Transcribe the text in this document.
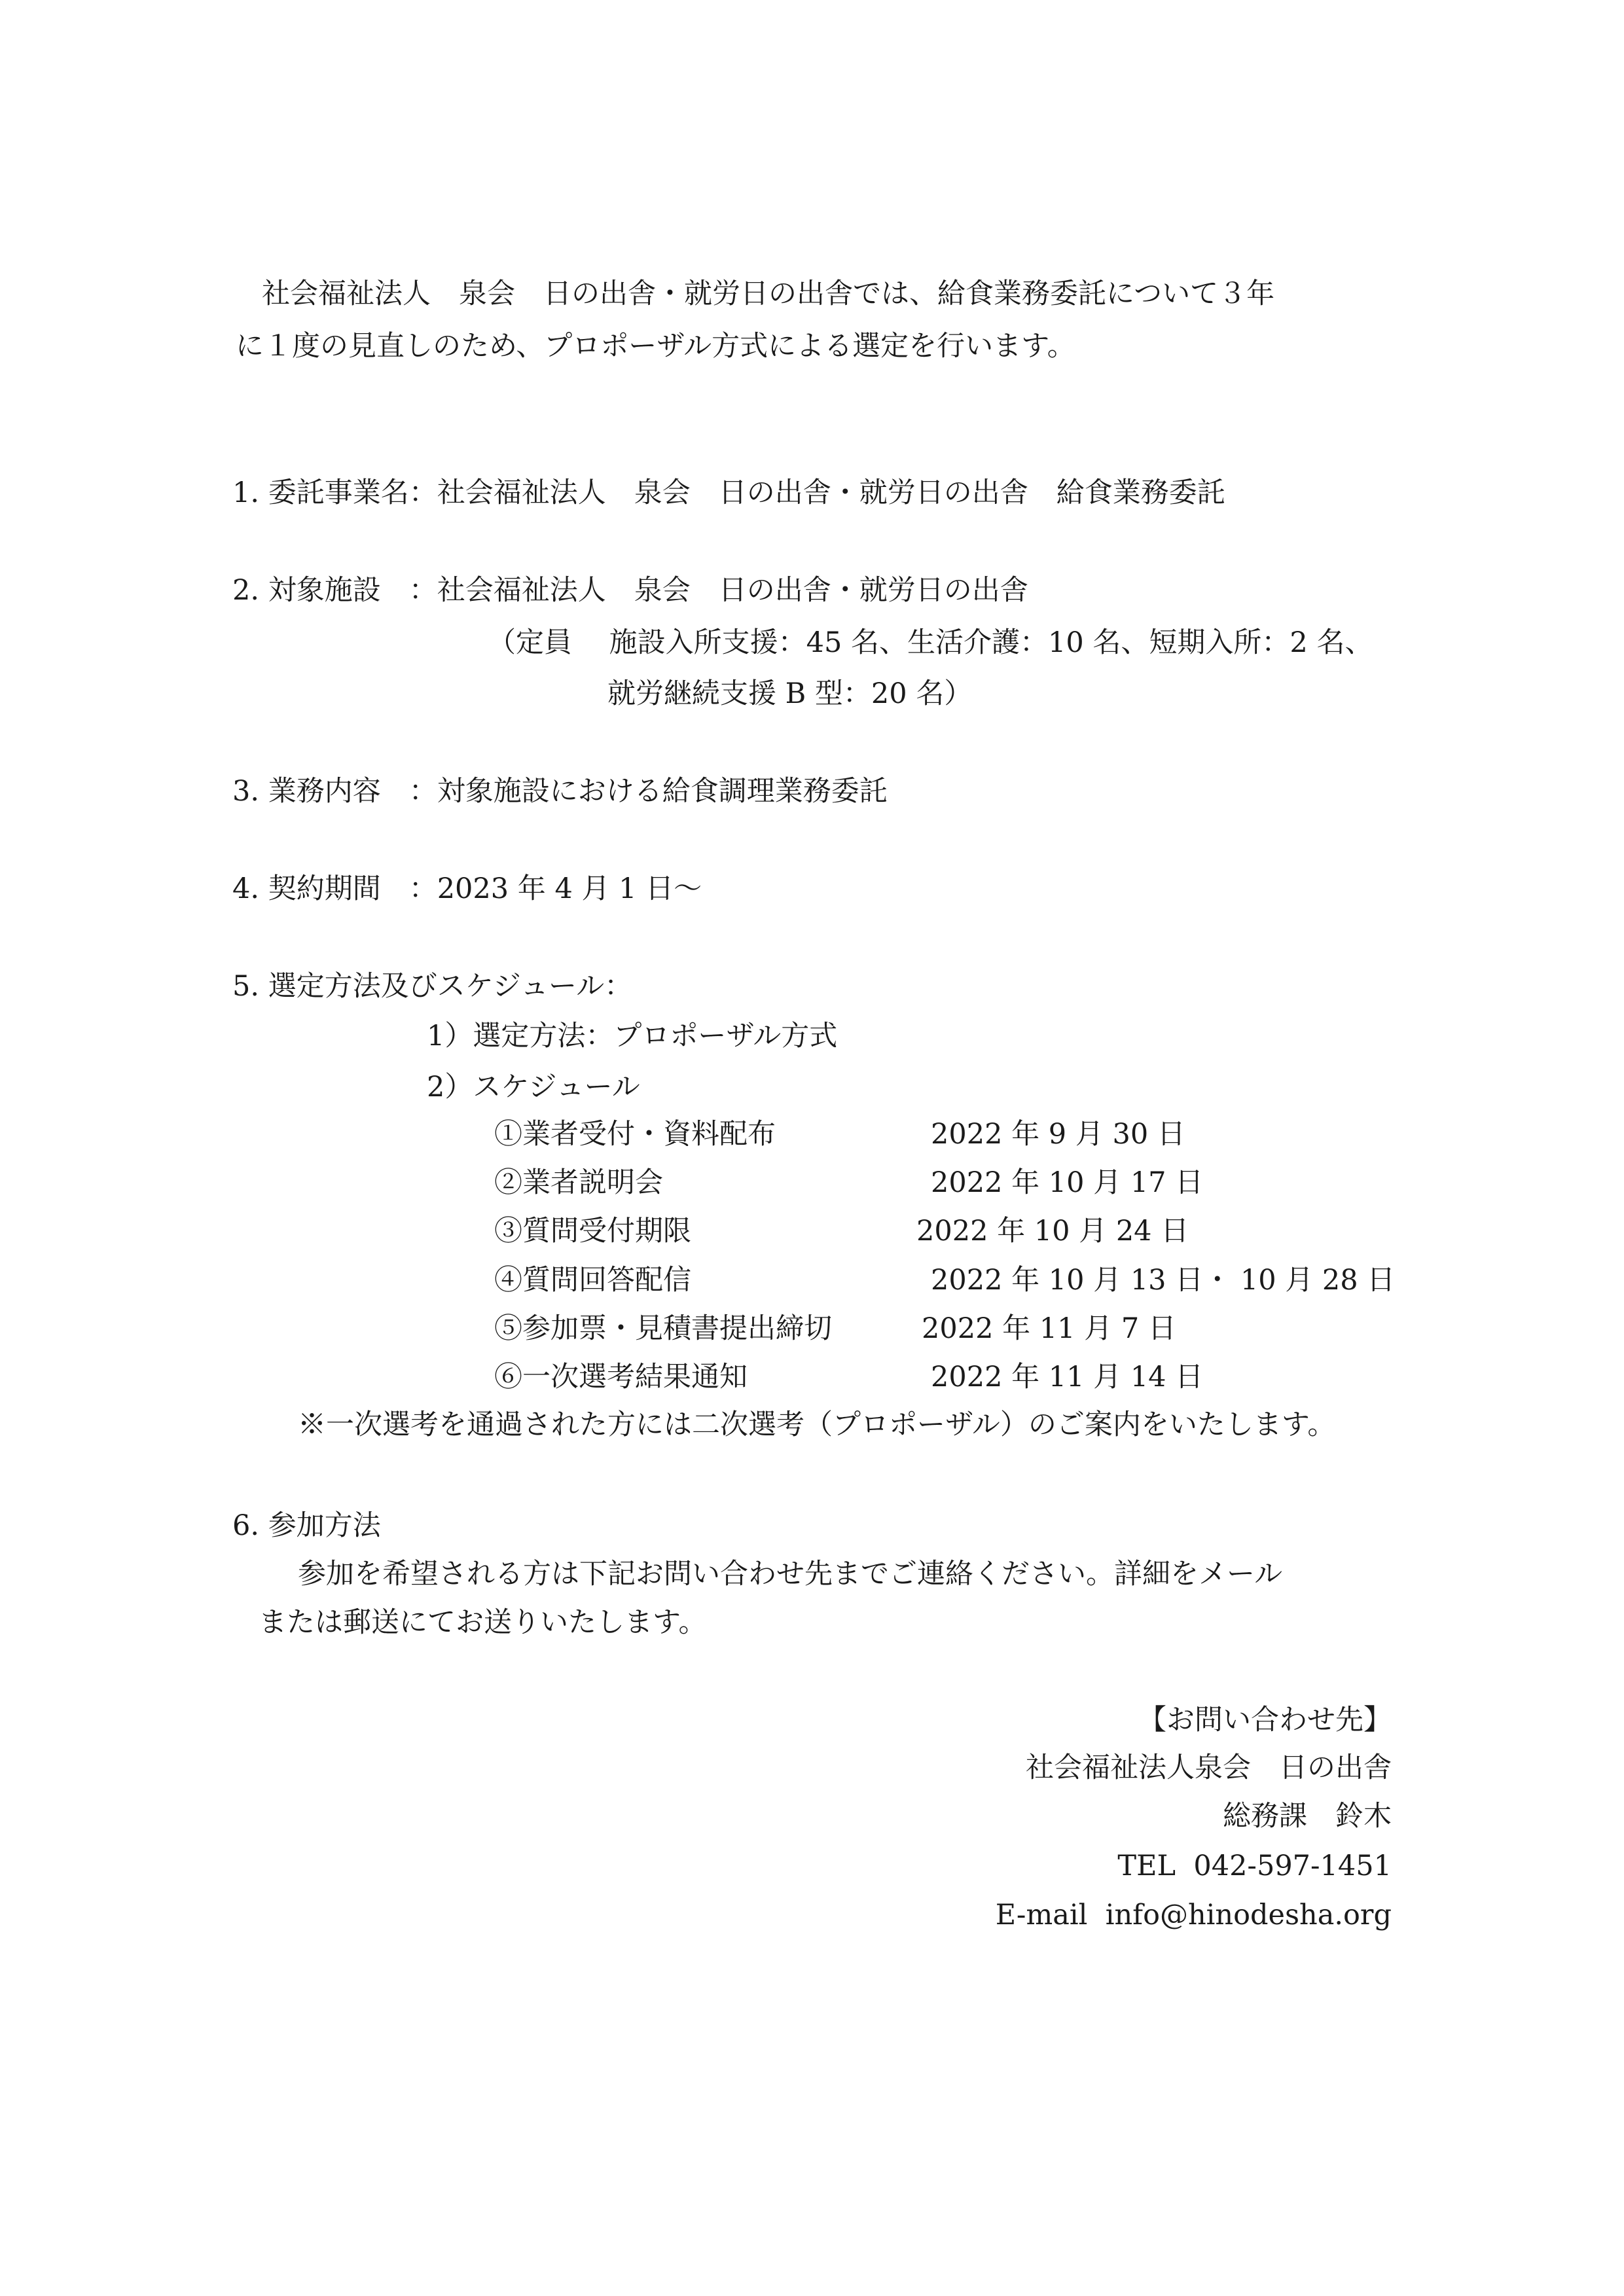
社会福祉法人　泉会　日の出舎・就労日の出舎では、給食業務委託について３年
に１度の見直しのため、プロポーザル方式による選定を行います。
1. 委託事業名：社会福祉法人　泉会　日の出舎・就労日の出舎　給食業務委託
2. 対象施設　：社会福祉法人　泉会　日の出舎・就労日の出舎
（定員　 施設入所支援：45 名、生活介護：10 名、短期入所：2 名、
就労継続支援 B 型：20 名）
3. 業務内容　：対象施設における給食調理業務委託
4. 契約期間　：2023 年 4 月 1 日～
5. 選定方法及びスケジュール：
1）選定方法：プロポーザル方式
2）スケジュール
①業者受付・資料配布	2022 年 9 月 30 日
②業者説明会	2022 年 10 月 17 日
③質問受付期限	2022 年 10 月 24 日
④質問回答配信	2022 年 10 月 13 日・ 10 月 28 日
⑤参加票・見積書提出締切	2022 年 11 月 7 日
⑥一次選考結果通知	2022 年 11 月 14 日
※一次選考を通過された方には二次選考（プロポーザル）のご案内をいたします。
6. 参加方法
参加を希望される方は下記お問い合わせ先までご連絡ください。詳細をメール
または郵送にてお送りいたします。
【お問い合わせ先】
社会福祉法人泉会　日の出舎
総務課　鈴木
TEL  042-597-1451
E-mail  info@hinodesha.org
